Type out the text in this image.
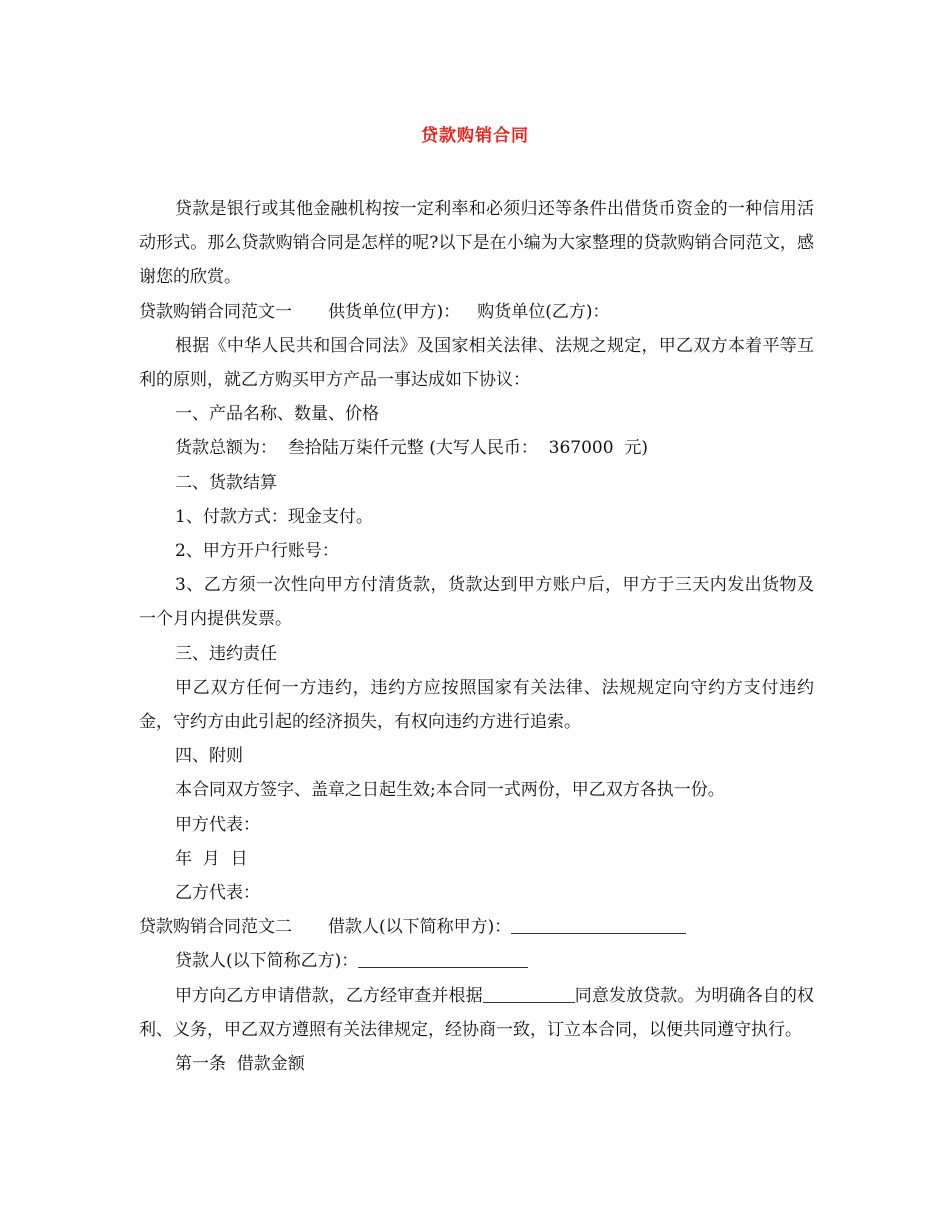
贷款购销合同

贷款是银行或其他金融机构按一定利率和必须归还等条件出借货币资金的一种信用活动形式。那么贷款购销合同是怎样的呢?以下是在小编为大家整理的贷款购销合同范文，感谢您的欣赏。

贷款购销合同范文一 供货单位(甲方)： 购货单位(乙方)：

根据《中华人民共和国合同法》及国家相关法律、法规之规定，甲乙双方本着平等互利的原则，就乙方购买甲方产品一事达成如下协议：

一、产品名称、数量、价格

货款总额为：  叁拾陆万柒仟元整 (大写人民币：  367000  元)

二、货款结算

1、付款方式：现金支付。

2、甲方开户行账号：

3、乙方须一次性向甲方付清货款，货款达到甲方账户后，甲方于三天内发出货物及一个月内提供发票。

三、违约责任

甲乙双方任何一方违约，违约方应按照国家有关法律、法规规定向守约方支付违约金，守约方由此引起的经济损失，有权向违约方进行追索。

四、附则

本合同双方签字、盖章之日起生效;本合同一式两份，甲乙双方各执一份。

甲方代表：

年  月  日

乙方代表：

贷款购销合同范文二 借款人(以下简称甲方)：

贷款人(以下简称乙方)：

甲方向乙方申请借款，乙方经审查并根据	同意发放贷款。为明确各自的权利、义务，甲乙双方遵照有关法律规定，经协商一致，订立本合同，以便共同遵守执行。

第一条  借款金额
